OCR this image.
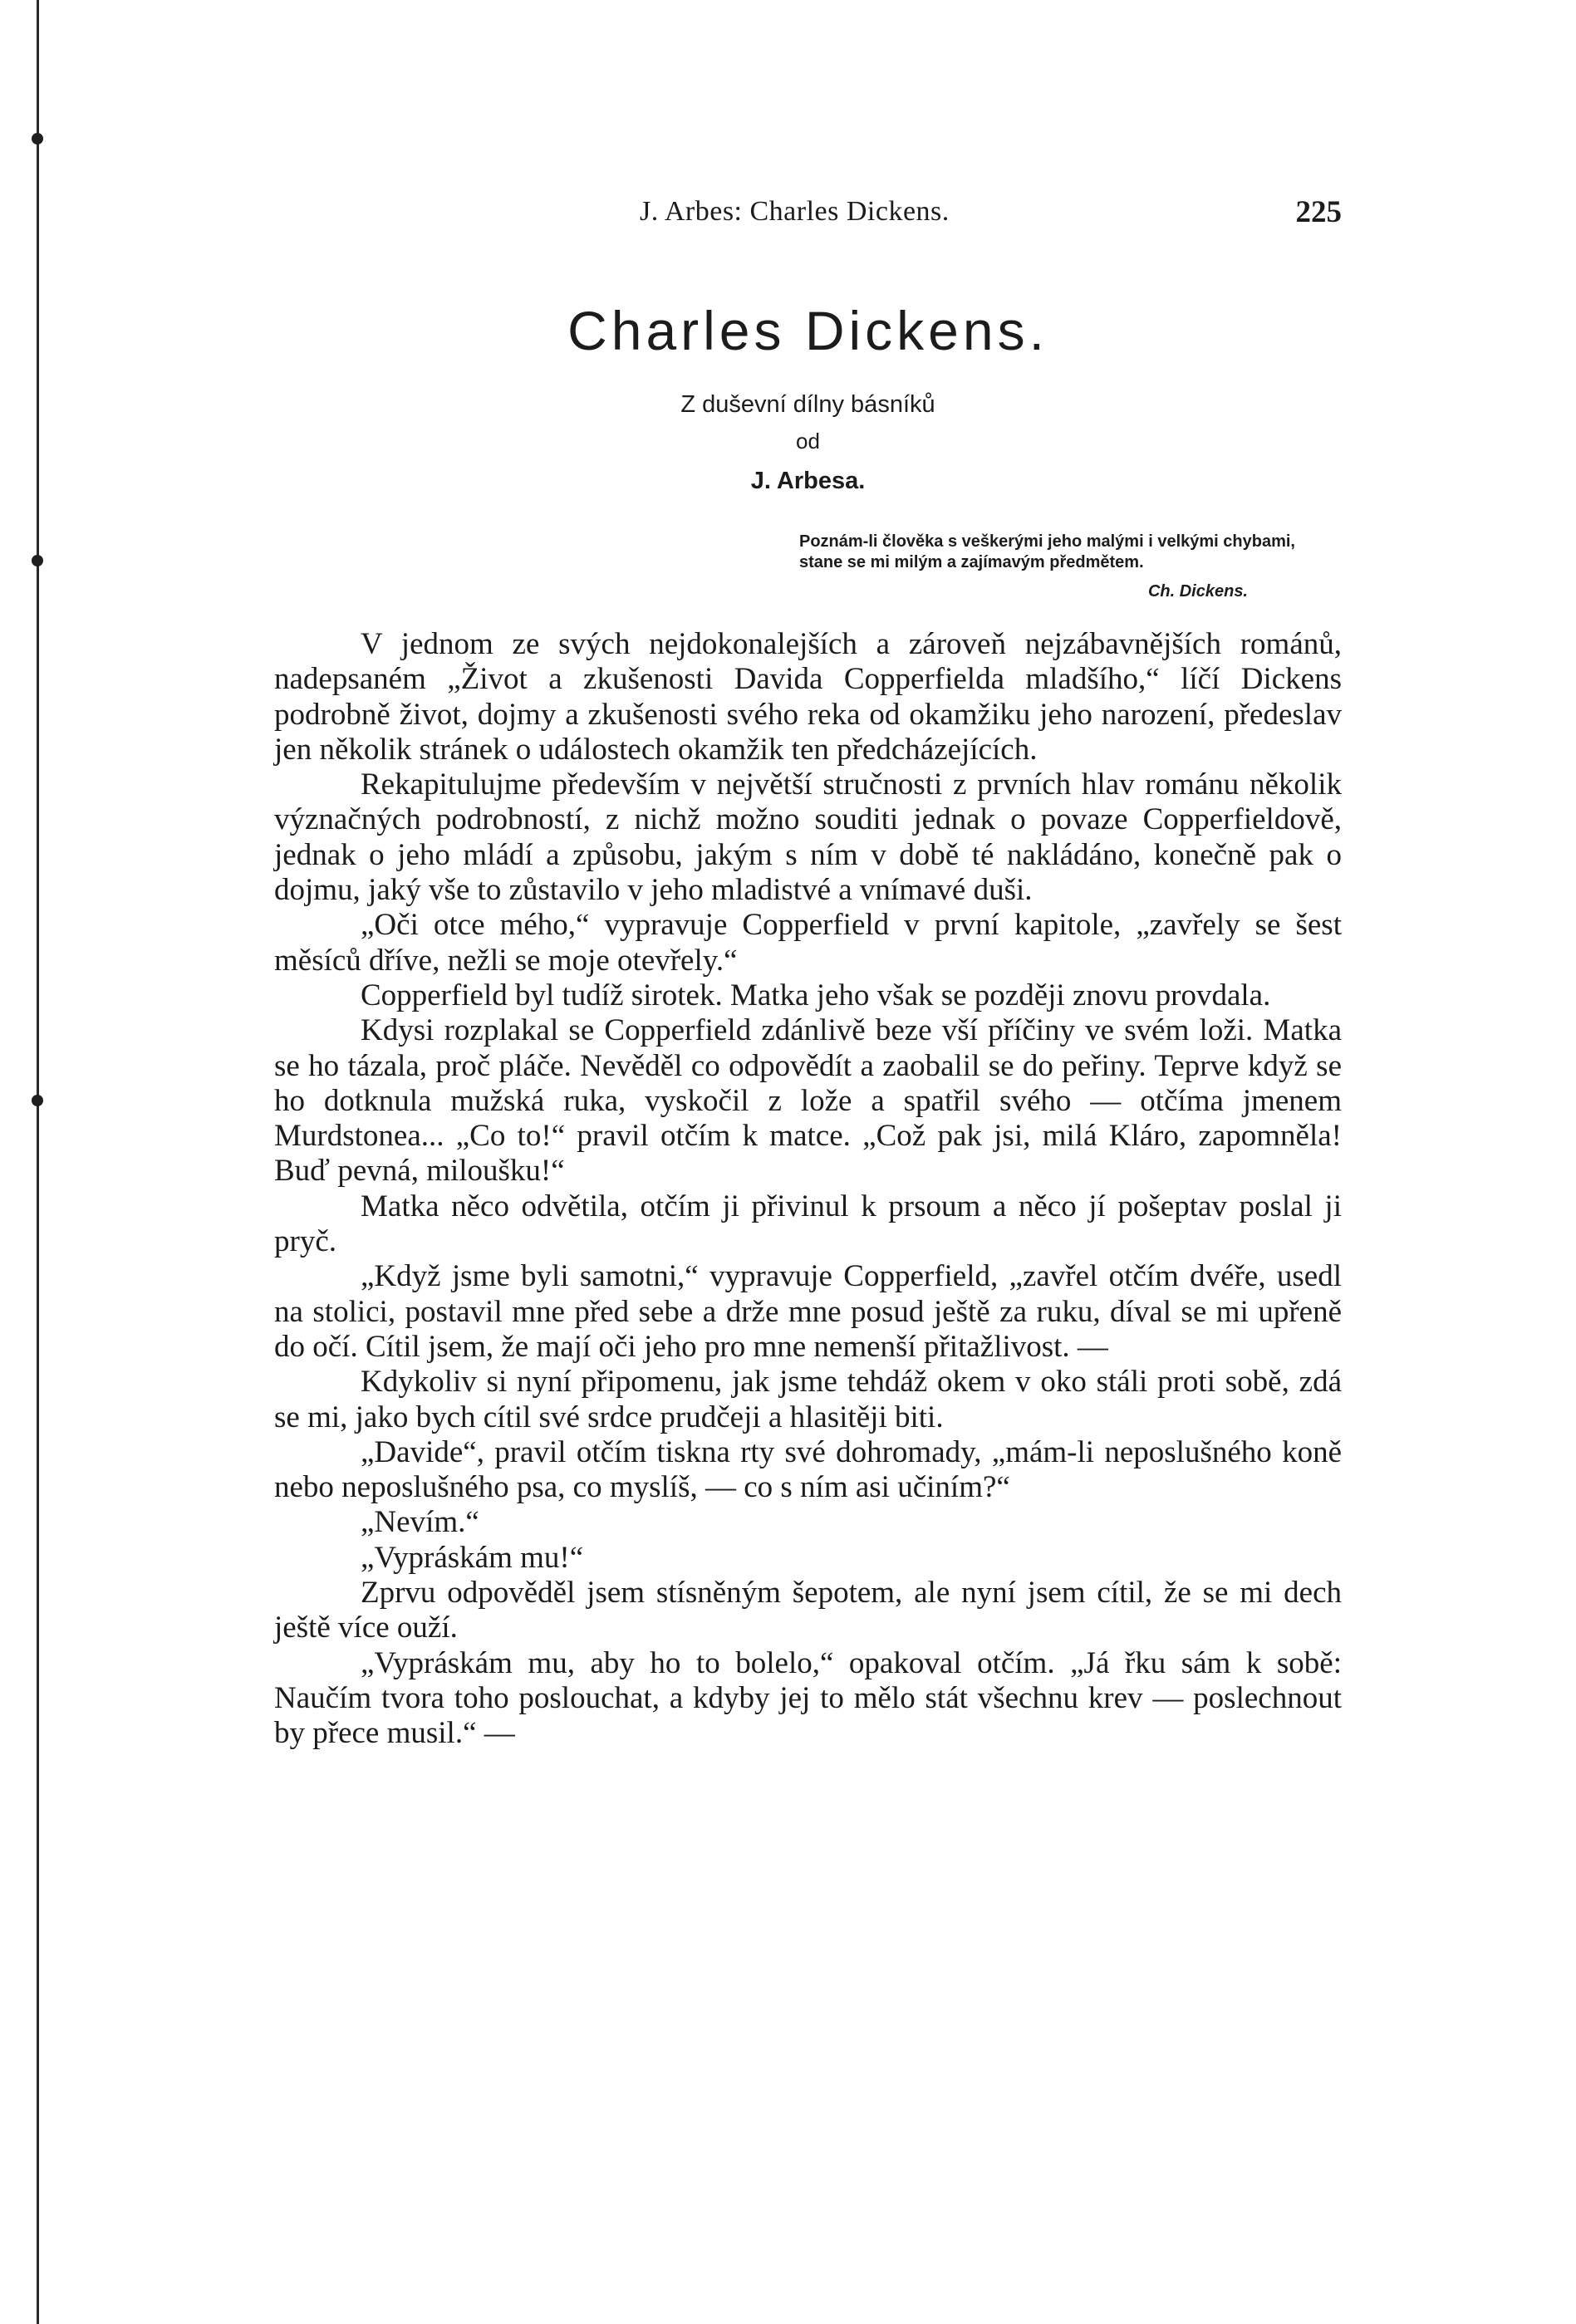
J. Arbes: Charles Dickens.	225
Charles Dickens.
Z duševní dílny básníků
od
J. Arbesa.
Poznám-li člověka s veškerými jeho malými i velkými chybami, stane se mi milým a zajímavým předmětem.
Ch. Dickens.

V jednom ze svých nejdokonalejších a zároveň nejzábavnějších románů, nadepsaném „Život a zkušenosti Davida Copperfielda mladšího,“ líčí Dickens podrobně život, dojmy a zkušenosti svého reka od okamžiku jeho narození, předeslav jen několik stránek o událostech okamžik ten předcházejících.

Rekapitulujme především v největší stručnosti z prvních hlav románu několik význačných podrobností, z nichž možno souditi jednak o povaze Copperfieldově, jednak o jeho mládí a způsobu, jakým s ním v době té nakládáno, konečně pak o dojmu, jaký vše to zůstavilo v jeho mladistvé a vnímavé duši.

„Oči otce mého,“ vypravuje Copperfield v první kapitole, „zavřely se šest měsíců dříve, nežli se moje otevřely.“

Copperfield byl tudíž sirotek. Matka jeho však se později znovu provdala.

Kdysi rozplakal se Copperfield zdánlivě beze vší příčiny ve svém loži. Matka se ho tázala, proč pláče. Nevěděl co odpovědít a zaobalil se do peřiny. Teprve když se ho dotknula mužská ruka, vyskočil z lože a spatřil svého — otčíma jmenem Murdstonea... „Co to!“ pravil otčím k matce. „Což pak jsi, milá Kláro, zapomněla! Buď pevná, miloušku!“

Matka něco odvětila, otčím ji přivinul k prsoum a něco jí pošeptav poslal ji pryč.

„Když jsme byli samotni,“ vypravuje Copperfield, „zavřel otčím dvéře, usedl na stolici, postavil mne před sebe a drže mne posud ještě za ruku, díval se mi upřeně do očí. Cítil jsem, že mají oči jeho pro mne nemenší přitažlivost. —

Kdykoliv si nyní připomenu, jak jsme tehdáž okem v oko stáli proti sobě, zdá se mi, jako bych cítil své srdce prudčeji a hlasitěji biti.

„Davide“, pravil otčím tiskna rty své dohromady, „mám-li neposlušného koně nebo neposlušného psa, co myslíš, — co s ním asi učiním?“

„Nevím.“

„Vypráskám mu!“

Zprvu odpověděl jsem stísněným šepotem, ale nyní jsem cítil, že se mi dech ještě více ouží.

„Vypráskám mu, aby ho to bolelo,“ opakoval otčím. „Já řku sám k sobě: Naučím tvora toho poslouchat, a kdyby jej to mělo stát všechnu krev — poslechnout by přece musil.“ —
